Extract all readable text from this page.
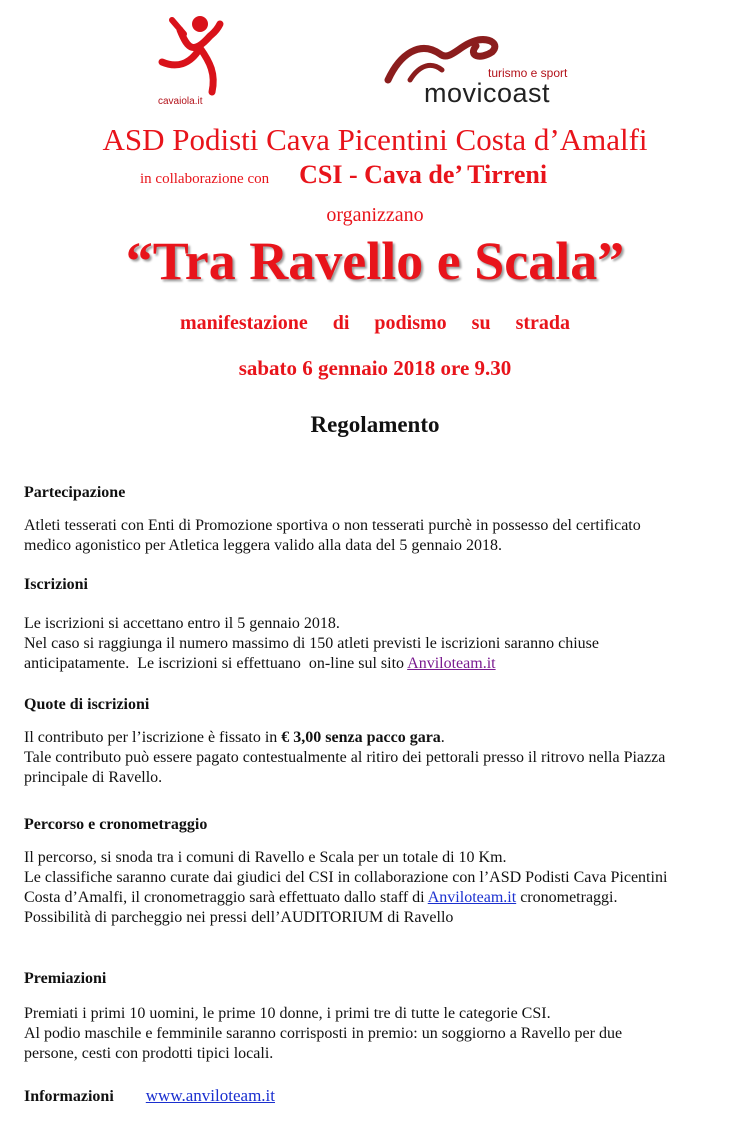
cavaiola.it
turismo e sport
movicoast
ASD Podisti Cava Picentini Costa d’Amalfi
in collaborazione con CSI - Cava de’ Tirreni
organizzano
“Tra Ravello e Scala”
manifestazione di podismo su strada
sabato 6 gennaio 2018 ore 9.30
Regolamento
Partecipazione
Atleti tesserati con Enti di Promozione sportiva o non tesserati purchè in possesso del certificato
medico agonistico per Atletica leggera valido alla data del 5 gennaio 2018.
Iscrizioni
Le iscrizioni si accettano entro il 5 gennaio 2018.
Nel caso si raggiunga il numero massimo di 150 atleti previsti le iscrizioni saranno chiuse
anticipatamente.  Le iscrizioni si effettuano  on-line sul sito Anviloteam.it
Quote di iscrizioni
Il contributo per l’iscrizione è fissato in € 3,00 senza pacco gara.
Tale contributo può essere pagato contestualmente al ritiro dei pettorali presso il ritrovo nella Piazza
principale di Ravello.
Percorso e cronometraggio
Il percorso, si snoda tra i comuni di Ravello e Scala per un totale di 10 Km.
Le classifiche saranno curate dai giudici del CSI in collaborazione con l’ASD Podisti Cava Picentini
Costa d’Amalfi, il cronometraggio sarà effettuato dallo staff di Anviloteam.it cronometraggi.
Possibilità di parcheggio nei pressi dell’AUDITORIUM di Ravello
Premiazioni
Premiati i primi 10 uomini, le prime 10 donne, i primi tre di tutte le categorie CSI.
Al podio maschile e femminile saranno corrisposti in premio: un soggiorno a Ravello per due
persone, cesti con prodotti tipici locali.
Informazioni www.anviloteam.it
